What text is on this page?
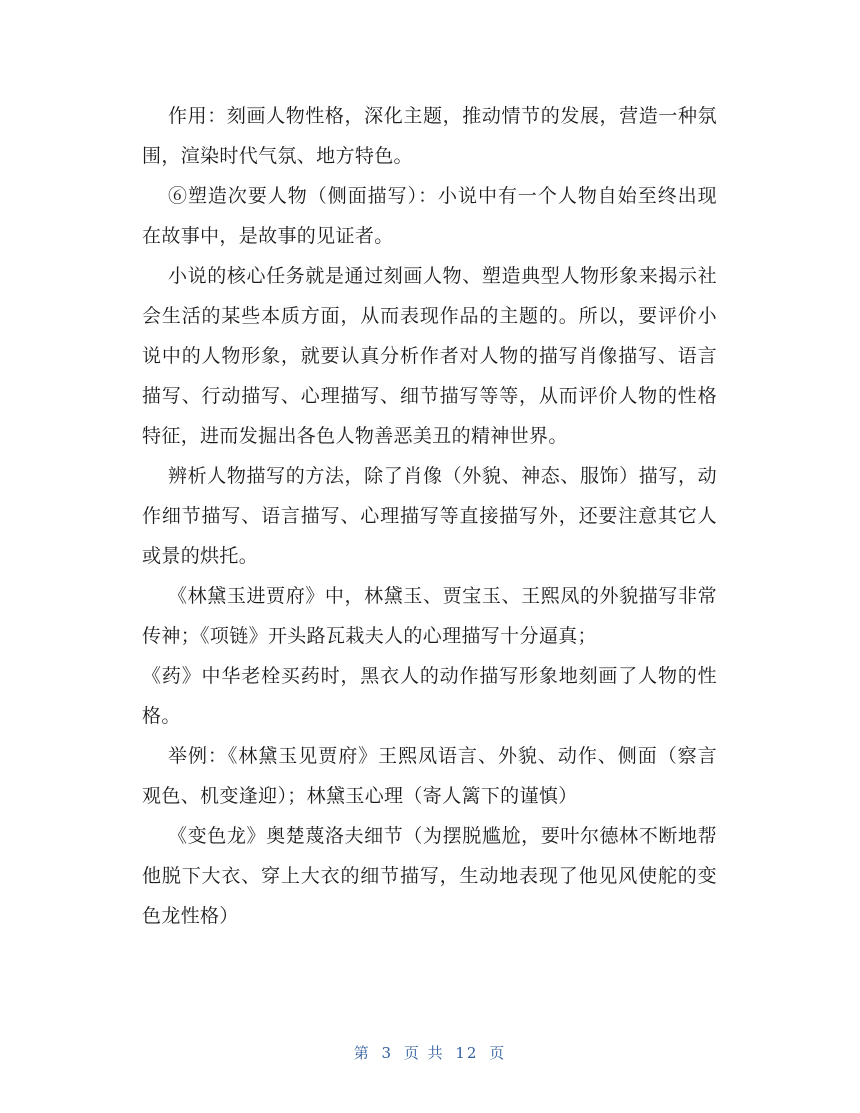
作用：刻画人物性格，深化主题，推动情节的发展，营造一种氛围，渲染时代气氛、地方特色。

⑥塑造次要人物（侧面描写）：小说中有一个人物自始至终出现在故事中，是故事的见证者。

小说的核心任务就是通过刻画人物、塑造典型人物形象来揭示社会生活的某些本质方面，从而表现作品的主题的。所以，要评价小说中的人物形象，就要认真分析作者对人物的描写肖像描写、语言描写、行动描写、心理描写、细节描写等等，从而评价人物的性格特征，进而发掘出各色人物善恶美丑的精神世界。

辨析人物描写的方法，除了肖像（外貌、神态、服饰）描写，动作细节描写、语言描写、心理描写等直接描写外，还要注意其它人或景的烘托。

《林黛玉进贾府》中，林黛玉、贾宝玉、王熙凤的外貌描写非常传神；《项链》开头路瓦栽夫人的心理描写十分逼真；

《药》中华老栓买药时，黑衣人的动作描写形象地刻画了人物的性格。

举例：《林黛玉见贾府》王熙凤语言、外貌、动作、侧面（察言观色、机变逢迎）；林黛玉心理（寄人篱下的谨慎）

《变色龙》奥楚蔑洛夫细节（为摆脱尴尬，要叶尔德林不断地帮他脱下大衣、穿上大衣的细节描写，生动地表现了他见风使舵的变色龙性格）

第 3 页 共 12 页
